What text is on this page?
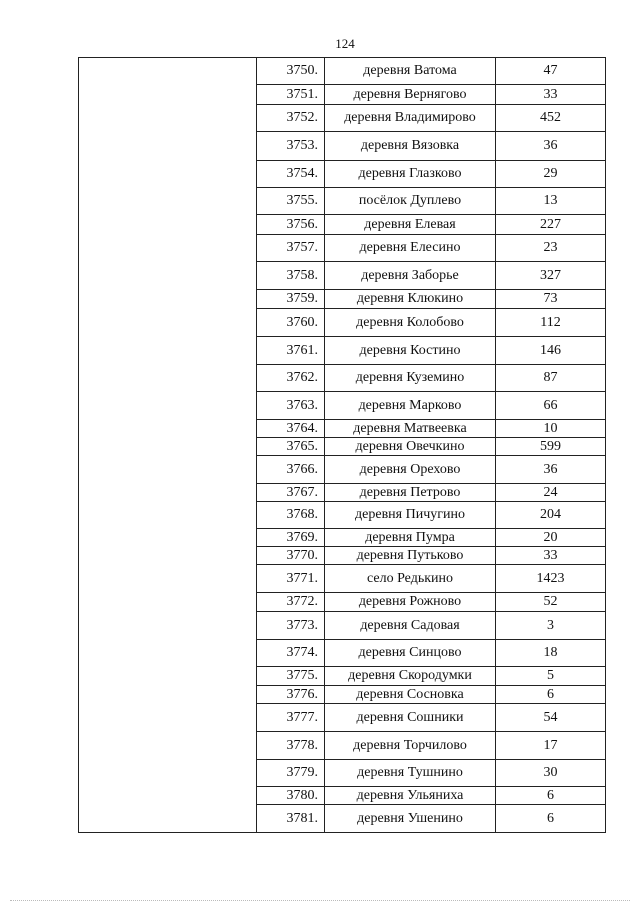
124
	3750.	деревня Ватома	47
	3751.	деревня Вернягово	33
	3752.	деревня Владимирово	452
	3753.	деревня Вязовка	36
	3754.	деревня Глазково	29
	3755.	посёлок Дуплево	13
	3756.	деревня Елевая	227
	3757.	деревня Елесино	23
	3758.	деревня Заборье	327
	3759.	деревня Клюкино	73
	3760.	деревня Колобово	112
	3761.	деревня Костино	146
	3762.	деревня Куземино	87
	3763.	деревня Марково	66
	3764.	деревня Матвеевка	10
	3765.	деревня Овечкино	599
	3766.	деревня Орехово	36
	3767.	деревня Петрово	24
	3768.	деревня Пичугино	204
	3769.	деревня Пумра	20
	3770.	деревня Путьково	33
	3771.	село Редькино	1423
	3772.	деревня Рожново	52
	3773.	деревня Садовая	3
	3774.	деревня Синцово	18
	3775.	деревня Скородумки	5
	3776.	деревня Сосновка	6
	3777.	деревня Сошники	54
	3778.	деревня Торчилово	17
	3779.	деревня Тушнино	30
	3780.	деревня Ульяниха	6
	3781.	деревня Ушенино	6
